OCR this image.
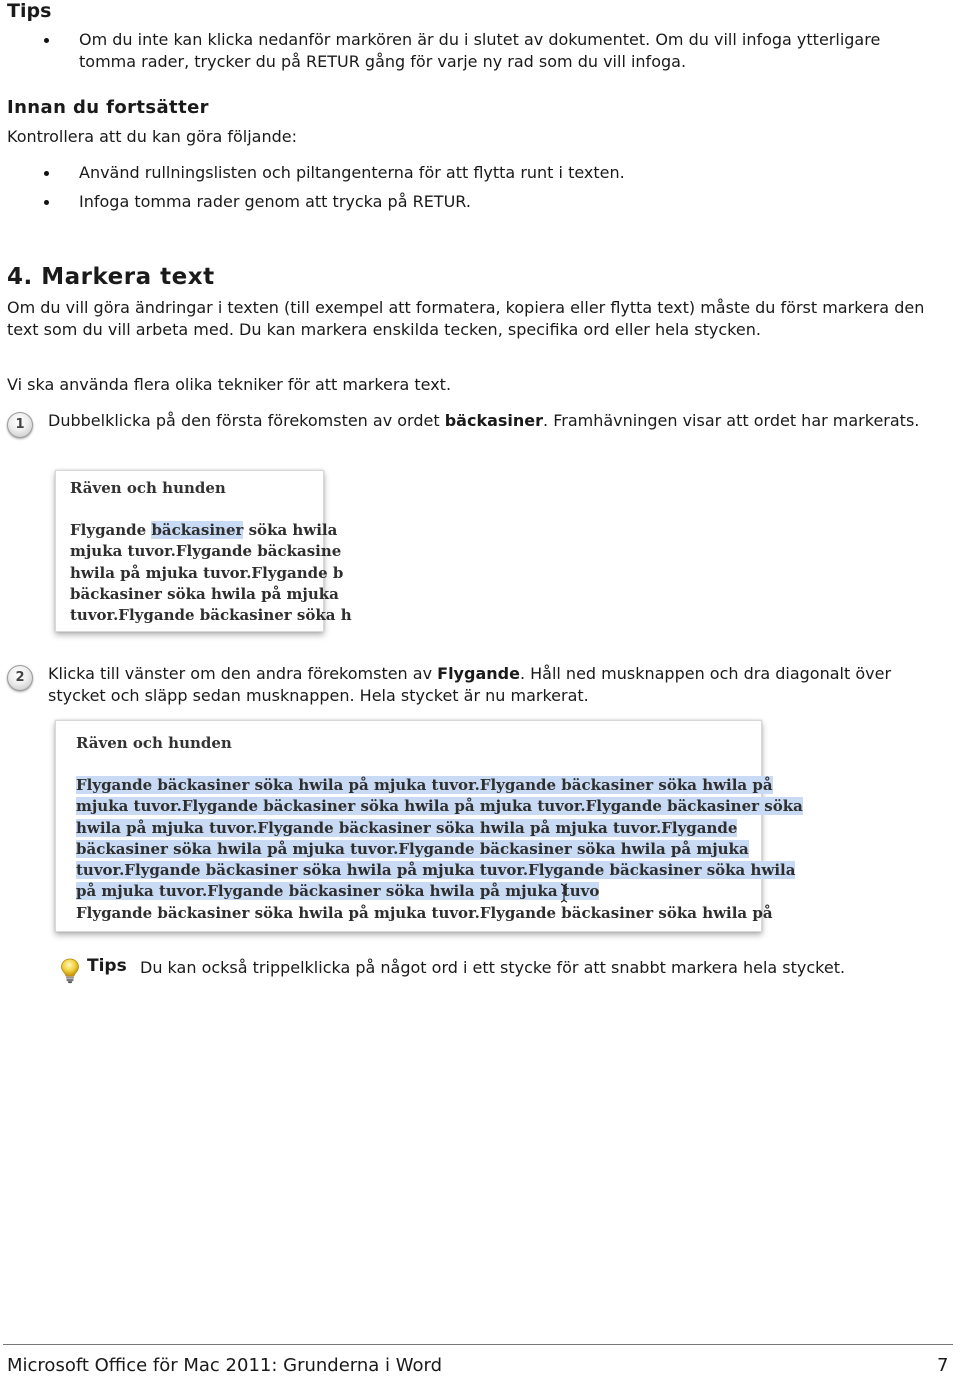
Tips
Om du inte kan klicka nedanför markören är du i slutet av dokumentet. Om du vill infoga ytterligare tomma rader, trycker du på RETUR gång för varje ny rad som du vill infoga.
Innan du fortsätter
Kontrollera att du kan göra följande:
Använd rullningslisten och piltangenterna för att flytta runt i texten.
Infoga tomma rader genom att trycka på RETUR.
4. Markera text
Om du vill göra ändringar i texten (till exempel att formatera, kopiera eller flytta text) måste du först markera den text som du vill arbeta med. Du kan markera enskilda tecken, specifika ord eller hela stycken.
Vi ska använda flera olika tekniker för att markera text.
1	Dubbelklicka på den första förekomsten av ordet bäckasiner. Framhävningen visar att ordet har markerats.
Räven och hunden
Flygande bäckasiner söka hwila
mjuka tuvor.Flygande bäckasine
hwila på mjuka tuvor.Flygande b
bäckasiner söka hwila på mjuka
tuvor.Flygande bäckasiner söka h
2	Klicka till vänster om den andra förekomsten av Flygande. Håll ned musknappen och dra diagonalt över stycket och släpp sedan musknappen. Hela stycket är nu markerat.
Räven och hunden
Flygande bäckasiner söka hwila på mjuka tuvor.Flygande bäckasiner söka hwila på
mjuka tuvor.Flygande bäckasiner söka hwila på mjuka tuvor.Flygande bäckasiner söka
hwila på mjuka tuvor.Flygande bäckasiner söka hwila på mjuka tuvor.Flygande
bäckasiner söka hwila på mjuka tuvor.Flygande bäckasiner söka hwila på mjuka
tuvor.Flygande bäckasiner söka hwila på mjuka tuvor.Flygande bäckasiner söka hwila
på mjuka tuvor.Flygande bäckasiner söka hwila på mjuka tuvo
Flygande bäckasiner söka hwila på mjuka tuvor.Flygande bäckasiner söka hwila på
Tips Du kan också trippelklicka på något ord i ett stycke för att snabbt markera hela stycket.
Microsoft Office för Mac 2011: Grunderna i Word	7
